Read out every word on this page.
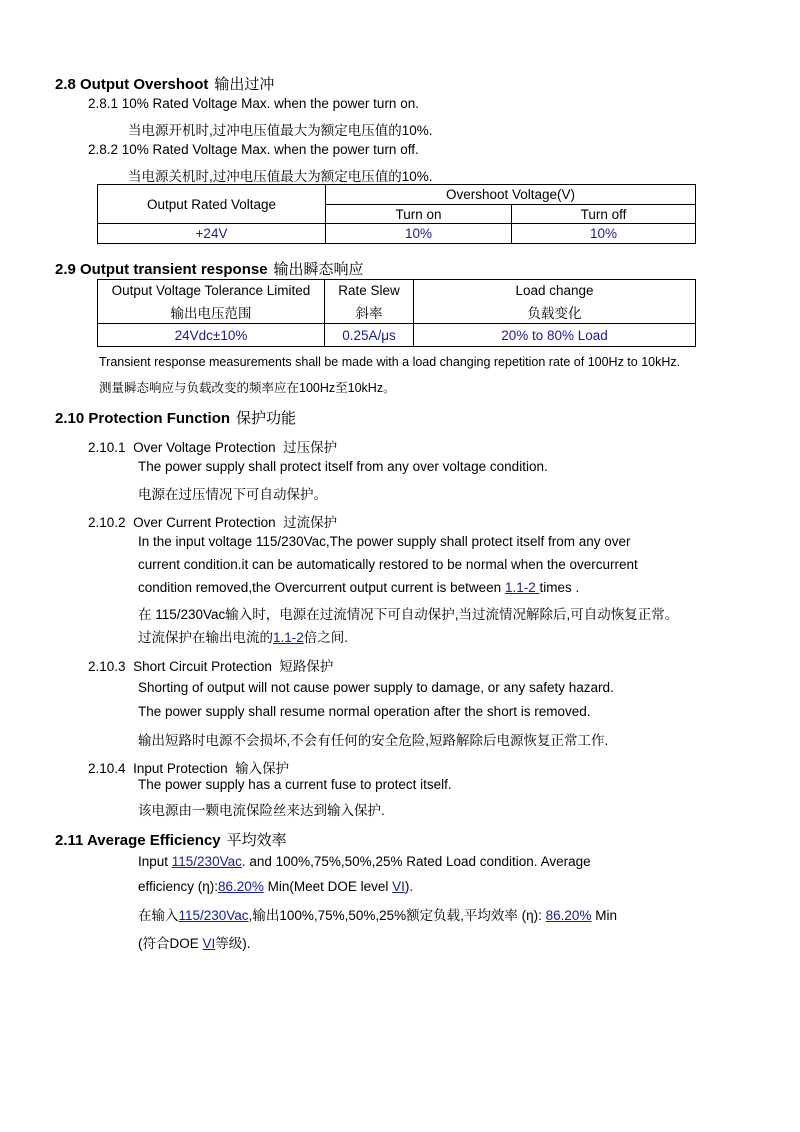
2.8 Output Overshoot 输出过冲
2.8.1 10% Rated Voltage Max. when the power turn on.
当电源开机时,过冲电压值最大为额定电压值的10%.
2.8.2 10% Rated Voltage Max. when the power turn off.
当电源关机时,过冲电压值最大为额定电压值的10%.
Output Rated Voltage	Overshoot Voltage(V)	
	Turn on	Turn off
+24V	10%	10%
2.9 Output transient response 输出瞬态响应
Output Voltage Tolerance Limited	Rate Slew	Load change
输出电压范围	斜率	负载变化
24Vdc±10%	0.25A/μs	20% to 80% Load
Transient response measurements shall be made with a load changing repetition rate of 100Hz to 10kHz.
测量瞬态响应与负载改变的频率应在100Hz至10kHz。
2.10 Protection Function 保护功能
2.10.1 Over Voltage Protection 过压保护
The power supply shall protect itself from any over voltage condition.
电源在过压情况下可自动保护。
2.10.2 Over Current Protection 过流保护
In the input voltage 115/230Vac,The power supply shall protect itself from any over
current condition.it can be automatically restored to be normal when the overcurrent
condition removed,the Overcurrent output current is between 1.1-2 times .
在 115/230Vac输入时，电源在过流情况下可自动保护,当过流情况解除后,可自动恢复正常。
过流保护在输出电流的1.1-2倍之间.
2.10.3 Short Circuit Protection 短路保护
Shorting of output will not cause power supply to damage, or any safety hazard.
The power supply shall resume normal operation after the short is removed.
输出短路时电源不会损坏,不会有任何的安全危险,短路解除后电源恢复正常工作.
2.10.4 Input Protection 输入保护
The power supply has a current fuse to protect itself.
该电源由一颗电流保险丝来达到输入保护.
2.11 Average Efficiency 平均效率
Input 115/230Vac. and 100%,75%,50%,25% Rated Load condition. Average
efficiency (η):86.20% Min(Meet DOE level VI).
在输入115/230Vac,输出100%,75%,50%,25%额定负载,平均效率 (η): 86.20% Min
(符合DOE VI等级).
